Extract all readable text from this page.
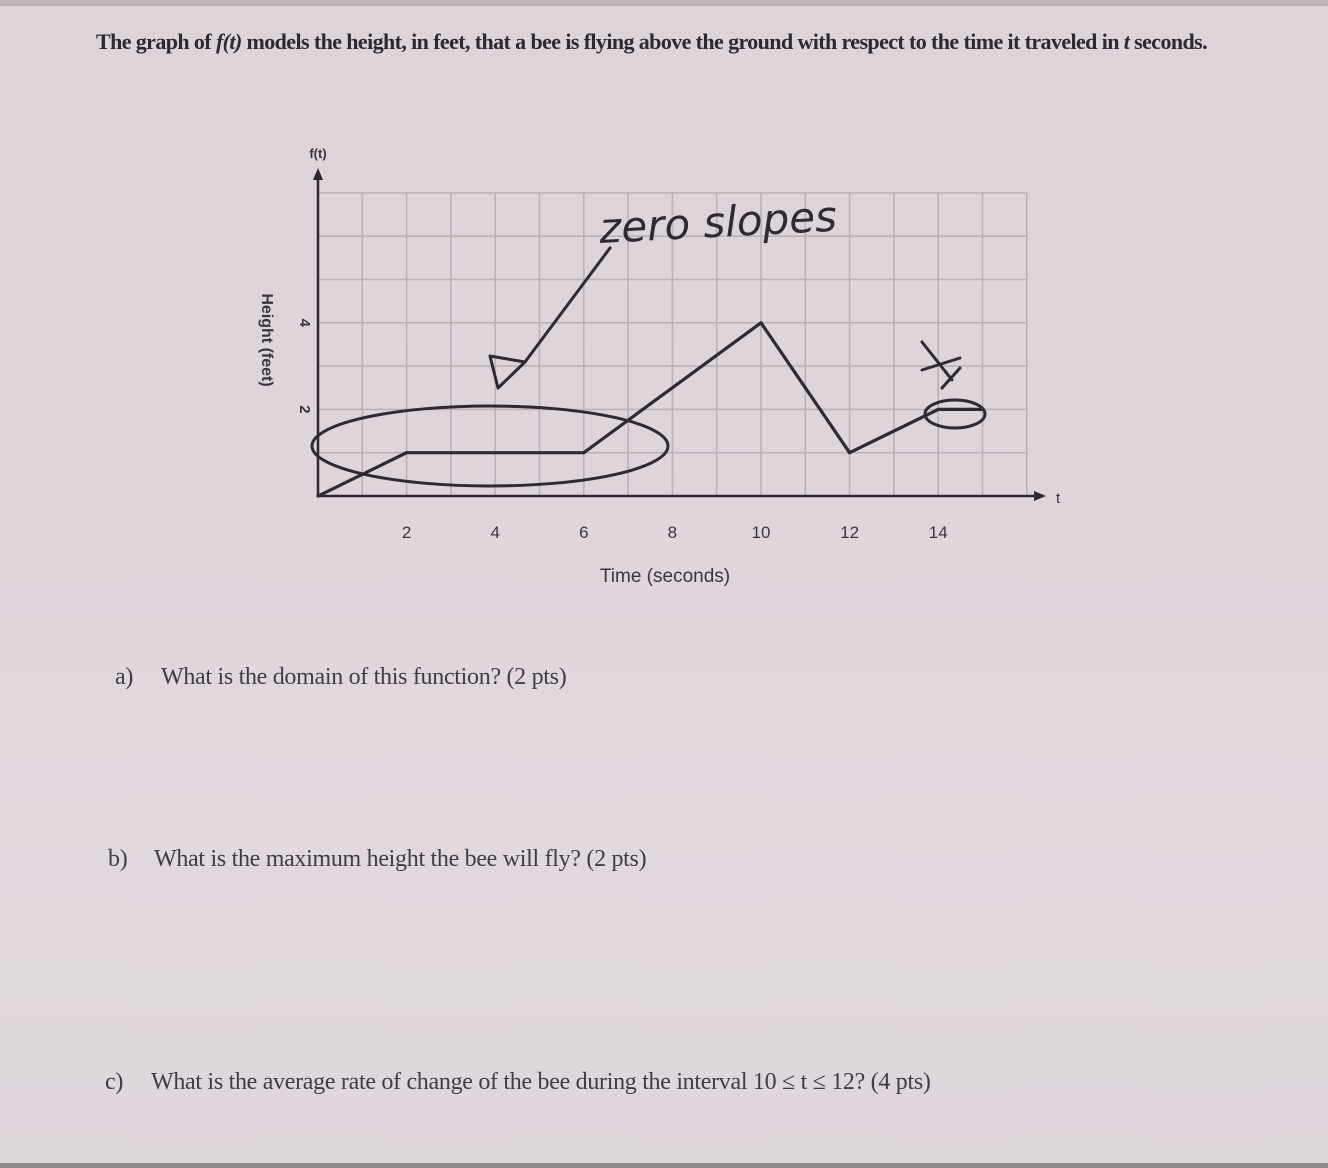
The graph of f(t) models the height, in feet, that a bee is flying above the ground with respect to the time it traveled in t seconds.
2	4	6	8	10	12	14
2
4
f(t)
t
Time (seconds)
Height (feet)
zero slopes
a) What is the domain of this function? (2 pts)
b) What is the maximum height the bee will fly? (2 pts)
c) What is the average rate of change of the bee during the interval 10 ≤ t ≤ 12? (4 pts)
